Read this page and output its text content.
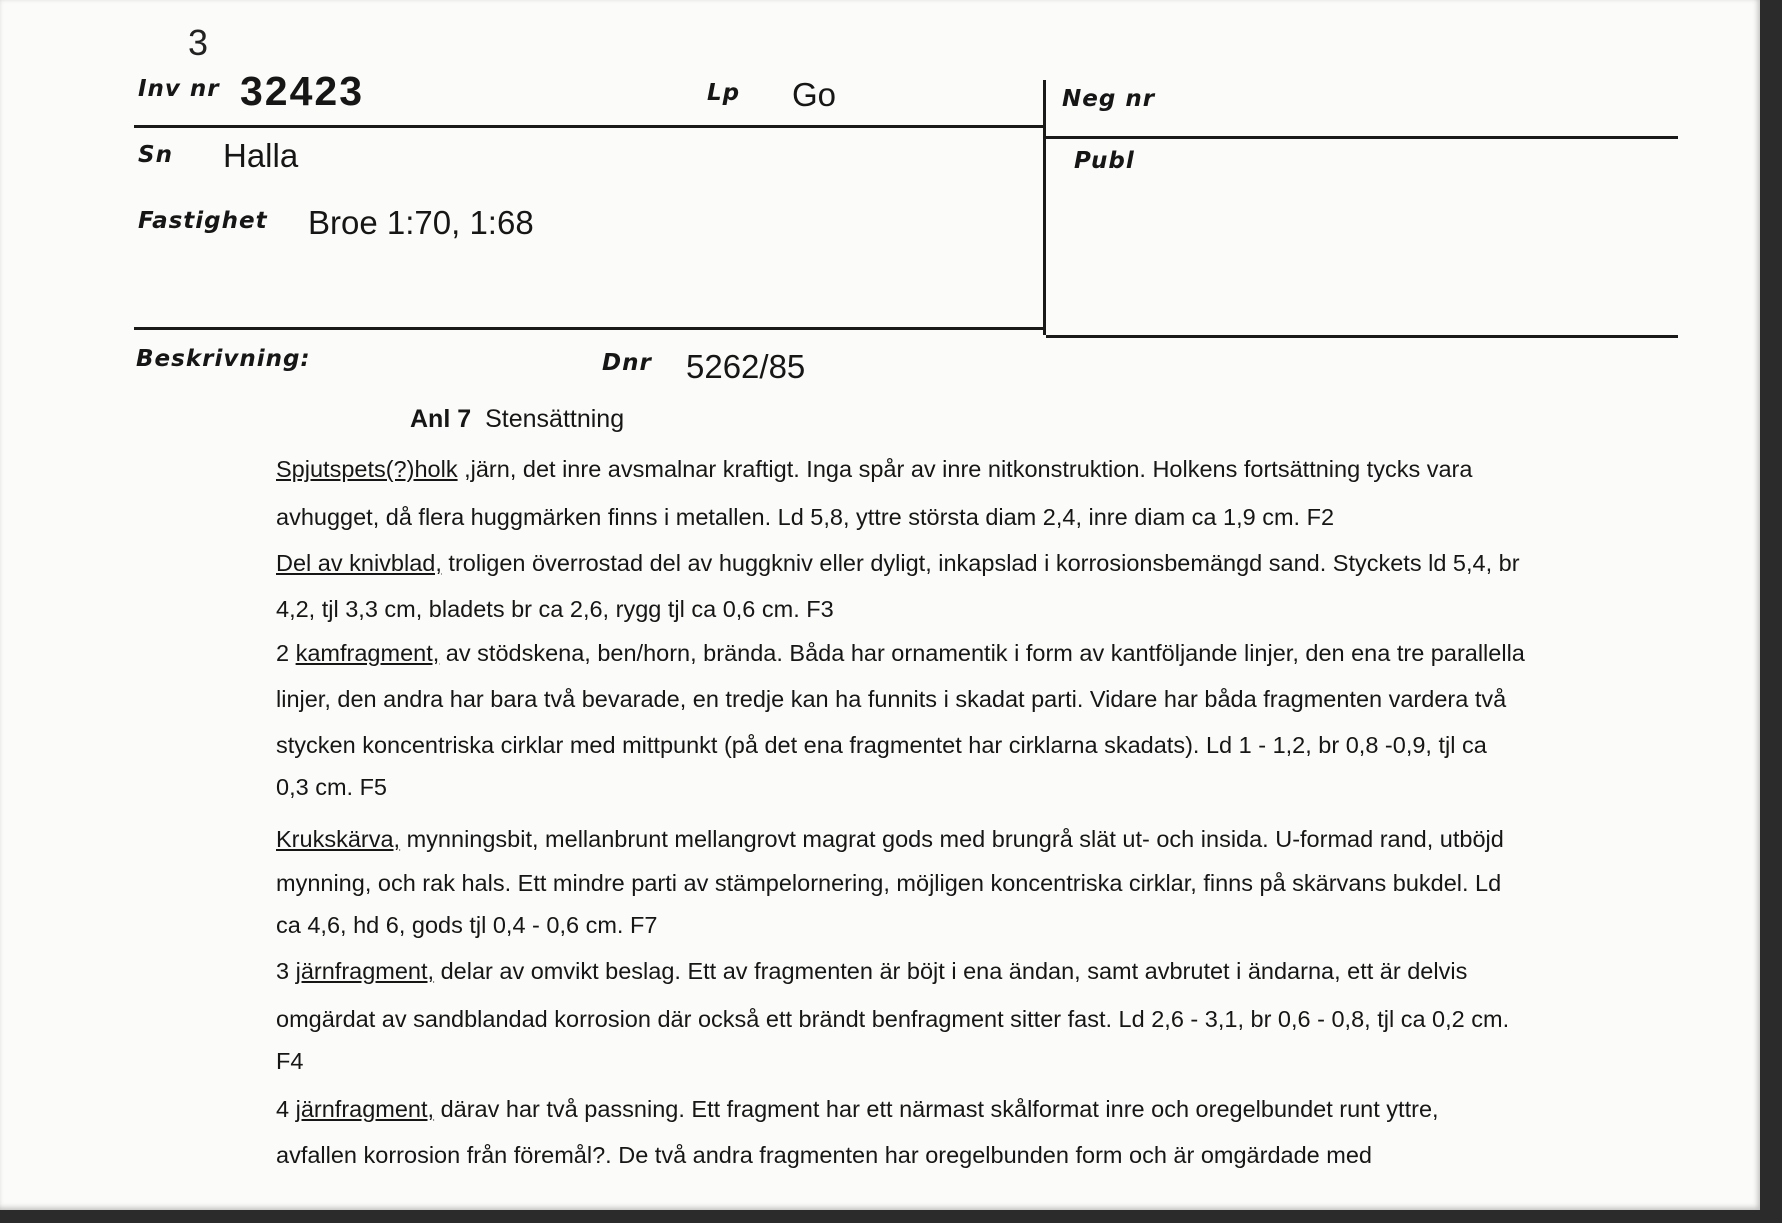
3
Inv nr 32423	Lp Go	Neg nr
Sn Halla	Publ
Fastighet Broe 1:70, 1:68
Beskrivning:	Dnr 5262/85
Anl 7 Stensättning
Spjutspets(?)holk ,järn, det inre avsmalnar kraftigt. Inga spår av inre nitkonstruktion. Holkens fortsättning tycks vara
avhugget, då flera huggmärken finns i metallen. Ld 5,8, yttre största diam 2,4, inre diam ca 1,9 cm. F2
Del av knivblad, troligen överrostad del av huggkniv eller dyligt, inkapslad i korrosionsbemängd sand. Styckets ld 5,4, br
4,2, tjl 3,3 cm, bladets br ca 2,6, rygg tjl ca 0,6 cm. F3
2 kamfragment, av stödskena, ben/horn, brända. Båda har ornamentik i form av kantföljande linjer, den ena tre parallella
linjer, den andra har bara två bevarade, en tredje kan ha funnits i skadat parti. Vidare har båda fragmenten vardera två
stycken koncentriska cirklar med mittpunkt (på det ena fragmentet har cirklarna skadats). Ld 1 - 1,2, br 0,8 -0,9, tjl ca
0,3 cm. F5
Krukskärva, mynningsbit, mellanbrunt mellangrovt magrat gods med brungrå slät ut- och insida. U-formad rand, utböjd
mynning, och rak hals. Ett mindre parti av stämpelornering, möjligen koncentriska cirklar, finns på skärvans bukdel. Ld
ca 4,6, hd 6, gods tjl 0,4 - 0,6 cm. F7
3 järnfragment, delar av omvikt beslag. Ett av fragmenten är böjt i ena ändan, samt avbrutet i ändarna, ett är delvis
omgärdat av sandblandad korrosion där också ett brändt benfragment sitter fast. Ld 2,6 - 3,1, br 0,6 - 0,8, tjl ca 0,2 cm.
F4
4 järnfragment, därav har två passning. Ett fragment har ett närmast skålformat inre och oregelbundet runt yttre,
avfallen korrosion från föremål?. De två andra fragmenten har oregelbunden form och är omgärdade med
